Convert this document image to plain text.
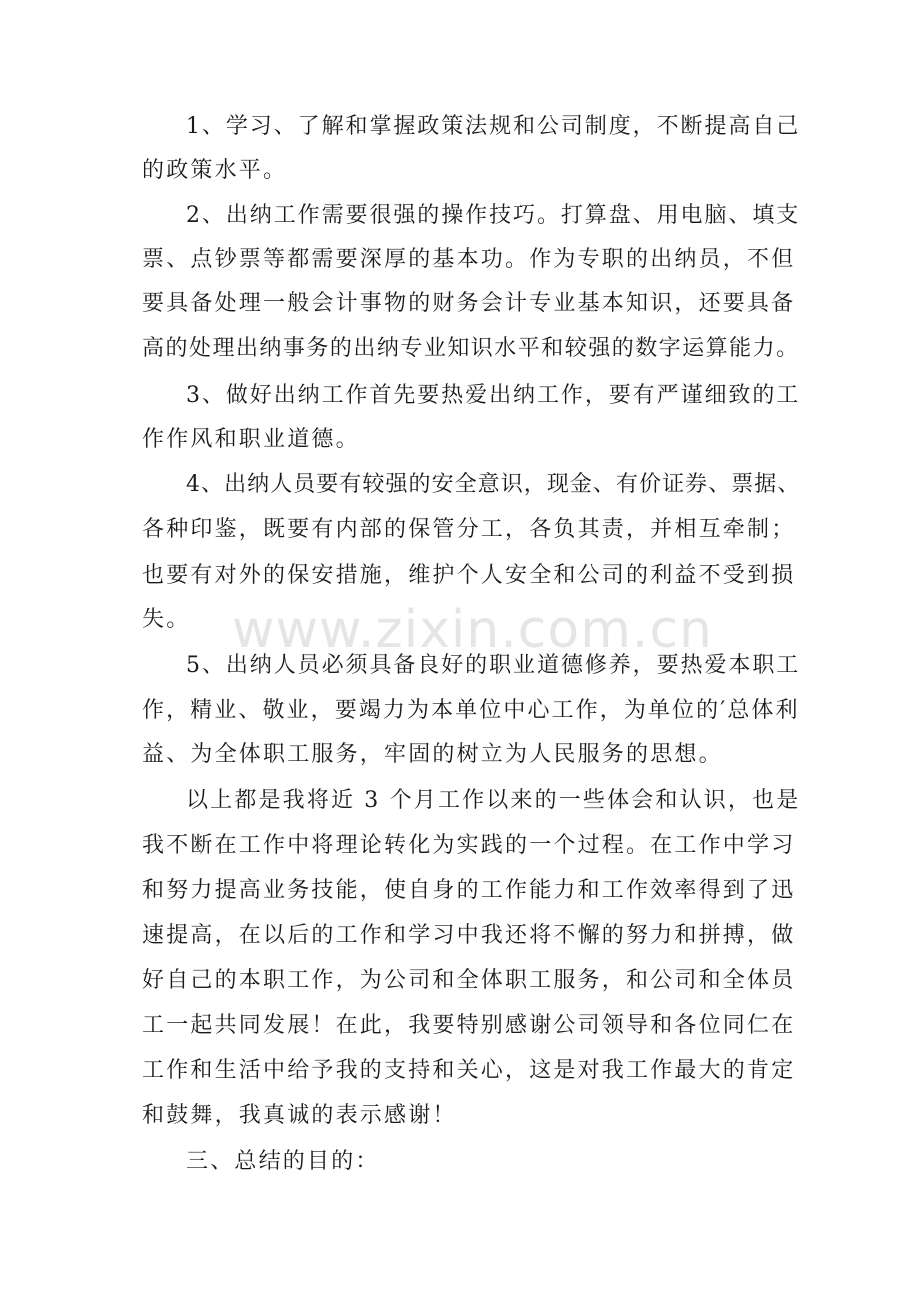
1、学习、了解和掌握政策法规和公司制度，不断提高自己
的政策水平。
2、出纳工作需要很强的操作技巧。打算盘、用电脑、填支
票、点钞票等都需要深厚的基本功。作为专职的出纳员，不但
要具备处理一般会计事物的财务会计专业基本知识，还要具备
高的处理出纳事务的出纳专业知识水平和较强的数字运算能力。
3、做好出纳工作首先要热爱出纳工作，要有严谨细致的工
作作风和职业道德。
4、出纳人员要有较强的安全意识，现金、有价证券、票据、
各种印鉴，既要有内部的保管分工，各负其责，并相互牵制；
也要有对外的保安措施，维护个人安全和公司的利益不受到损
失。 www.zixin.com.cn
5、出纳人员必须具备良好的职业道德修养，要热爱本职工
作，精业、敬业，要竭力为本单位中心工作，为单位的′总体利
益、为全体职工服务，牢固的树立为人民服务的思想。
以上都是我将近 3 个月工作以来的一些体会和认识，也是
我不断在工作中将理论转化为实践的一个过程。在工作中学习
和努力提高业务技能，使自身的工作能力和工作效率得到了迅
速提高，在以后的工作和学习中我还将不懈的努力和拼搏，做
好自己的本职工作，为公司和全体职工服务，和公司和全体员
工一起共同发展！在此，我要特别感谢公司领导和各位同仁在
工作和生活中给予我的支持和关心，这是对我工作最大的肯定
和鼓舞，我真诚的表示感谢！
三、总结的目的：
